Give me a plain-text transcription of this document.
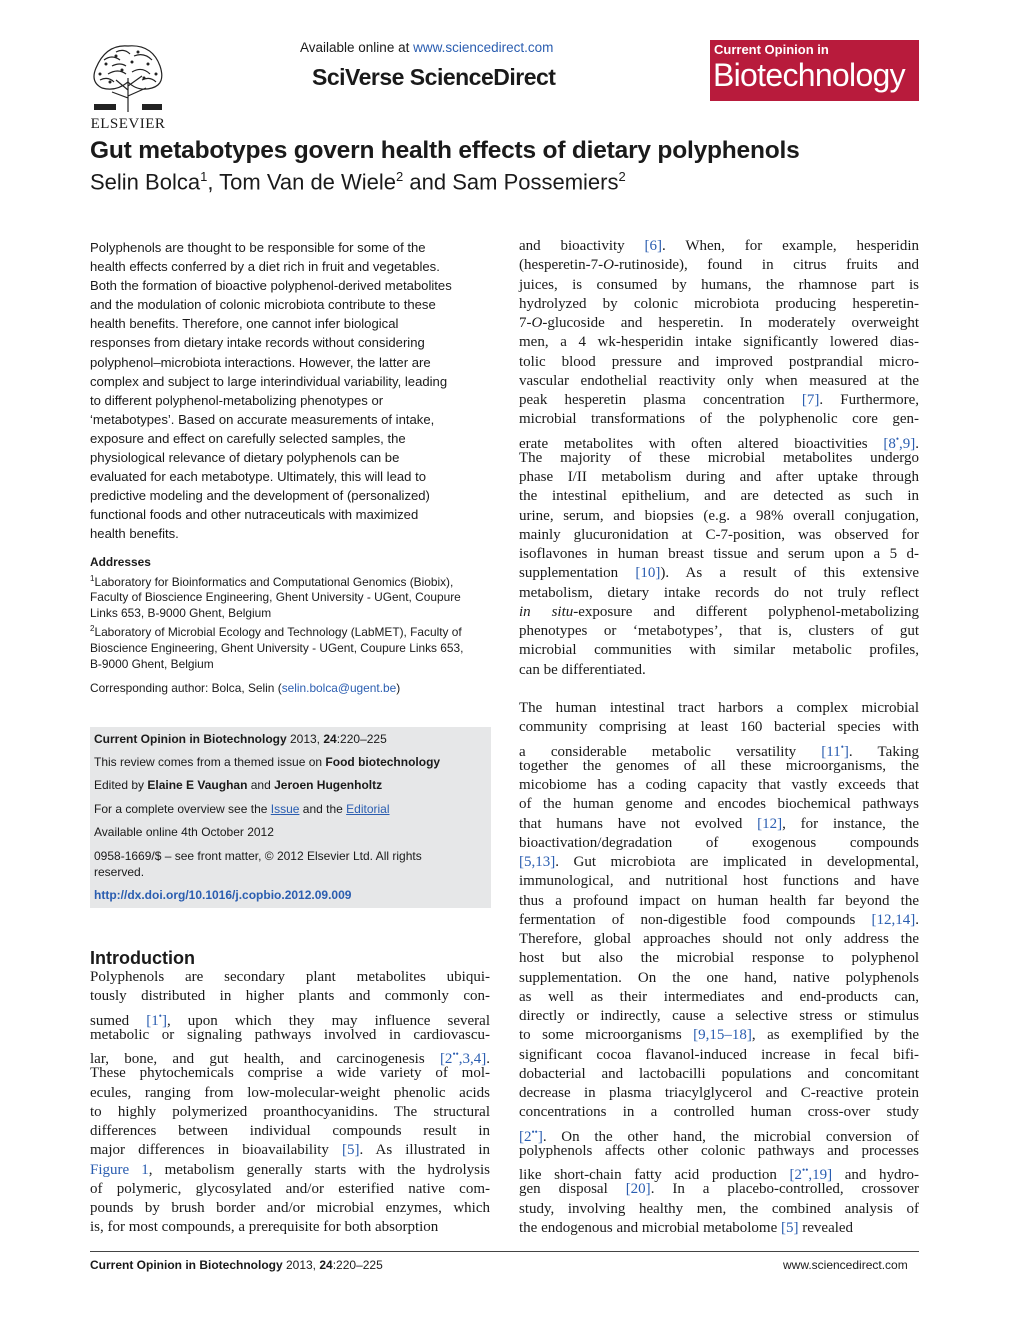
ELSEVIER
Available online at www.sciencedirect.com
SciVerse ScienceDirect
Current Opinion in
Biotechnology
Gut metabotypes govern health effects of dietary polyphenols
Selin Bolca$^1$, Tom Van de Wiele$^2$ and Sam Possemiers$^2$
Polyphenols are thought to be responsible for some of the
health effects conferred by a diet rich in fruit and vegetables.
Both the formation of bioactive polyphenol-derived metabolites
and the modulation of colonic microbiota contribute to these
health benefits. Therefore, one cannot infer biological
responses from dietary intake records without considering
polyphenol–microbiota interactions. However, the latter are
complex and subject to large interindividual variability, leading
to different polyphenol-metabolizing phenotypes or
‘metabotypes’. Based on accurate measurements of intake,
exposure and effect on carefully selected samples, the
physiological relevance of dietary polyphenols can be
evaluated for each metabotype. Ultimately, this will lead to
predictive modeling and the development of (personalized)
functional foods and other nutraceuticals with maximized
health benefits.

Addresses

$^1$Laboratory for Bioinformatics and Computational Genomics (Biobix),
Faculty of Bioscience Engineering, Ghent University - UGent, Coupure
Links 653, B-9000 Ghent, Belgium
$^2$Laboratory of Microbial Ecology and Technology (LabMET), Faculty of
Bioscience Engineering, Ghent University - UGent, Coupure Links 653,
B-9000 Ghent, Belgium
Corresponding author: Bolca, Selin (selin.bolca@ugent.be)
Current Opinion in Biotechnology 2013, 24:220–225
This review comes from a themed issue on Food biotechnology
Edited by Elaine E Vaughan and Jeroen Hugenholtz
For a complete overview see the Issue and the Editorial
Available online 4th October 2012
0958-1669/$ – see front matter, © 2012 Elsevier Ltd. All rights
reserved.
http://dx.doi.org/10.1016/j.copbio.2012.09.009
Introduction
Polyphenols are secondary plant metabolites ubiqui-
tously distributed in higher plants and commonly con-
sumed [1•], upon which they may influence several
metabolic or signaling pathways involved in cardiovascu-
lar, bone, and gut health, and carcinogenesis [2••,3,4].
These phytochemicals comprise a wide variety of mol-
ecules, ranging from low-molecular-weight phenolic acids
to highly polymerized proanthocyanidins. The structural
differences between individual compounds result in
major differences in bioavailability [5]. As illustrated in
Figure 1, metabolism generally starts with the hydrolysis
of polymeric, glycosylated and/or esterified native com-
pounds by brush border and/or microbial enzymes, which
is, for most compounds, a prerequisite for both absorption
and bioactivity [6]. When, for example, hesperidin
(hesperetin-7-O-rutinoside), found in citrus fruits and
juices, is consumed by humans, the rhamnose part is
hydrolyzed by colonic microbiota producing hesperetin-
7-O-glucoside and hesperetin. In moderately overweight
men, a 4 wk-hesperidin intake significantly lowered dias-
tolic blood pressure and improved postprandial micro-
vascular endothelial reactivity only when measured at the
peak hesperetin plasma concentration [7]. Furthermore,
microbial transformations of the polyphenolic core gen-
erate metabolites with often altered bioactivities [8•,9].
The majority of these microbial metabolites undergo
phase I/II metabolism during and after uptake through
the intestinal epithelium, and are detected as such in
urine, serum, and biopsies (e.g. a 98% overall conjugation,
mainly glucuronidation at C-7-position, was observed for
isoflavones in human breast tissue and serum upon a 5 d-
supplementation [10]). As a result of this extensive
metabolism, dietary intake records do not truly reflect
in situ-exposure and different polyphenol-metabolizing
phenotypes or ‘metabotypes’, that is, clusters of gut
microbial communities with similar metabolic profiles,
can be differentiated.
The human intestinal tract harbors a complex microbial
community comprising at least 160 bacterial species with
a considerable metabolic versatility [11•]. Taking
together the genomes of all these microorganisms, the
micobiome has a coding capacity that vastly exceeds that
of the human genome and encodes biochemical pathways
that humans have not evolved [12], for instance, the
bioactivation/degradation of exogenous compounds
[5,13]. Gut microbiota are implicated in developmental,
immunological, and nutritional host functions and have
thus a profound impact on human health far beyond the
fermentation of non-digestible food compounds [12,14].
Therefore, global approaches should not only address the
host but also the microbial response to polyphenol
supplementation. On the one hand, native polyphenols
as well as their intermediates and end-products can,
directly or indirectly, cause a selective stress or stimulus
to some microorganisms [9,15–18], as exemplified by the
significant cocoa flavanol-induced increase in fecal bifi-
dobacterial and lactobacilli populations and concomitant
decrease in plasma triacylglycerol and C-reactive protein
concentrations in a controlled human cross-over study
[2••]. On the other hand, the microbial conversion of
polyphenols affects other colonic pathways and processes
like short-chain fatty acid production [2••,19] and hydro-
gen disposal [20]. In a placebo-controlled, crossover
study, involving healthy men, the combined analysis of
the endogenous and microbial metabolome [5] revealed
Current Opinion in Biotechnology 2013, 24:220–225	www.sciencedirect.com
